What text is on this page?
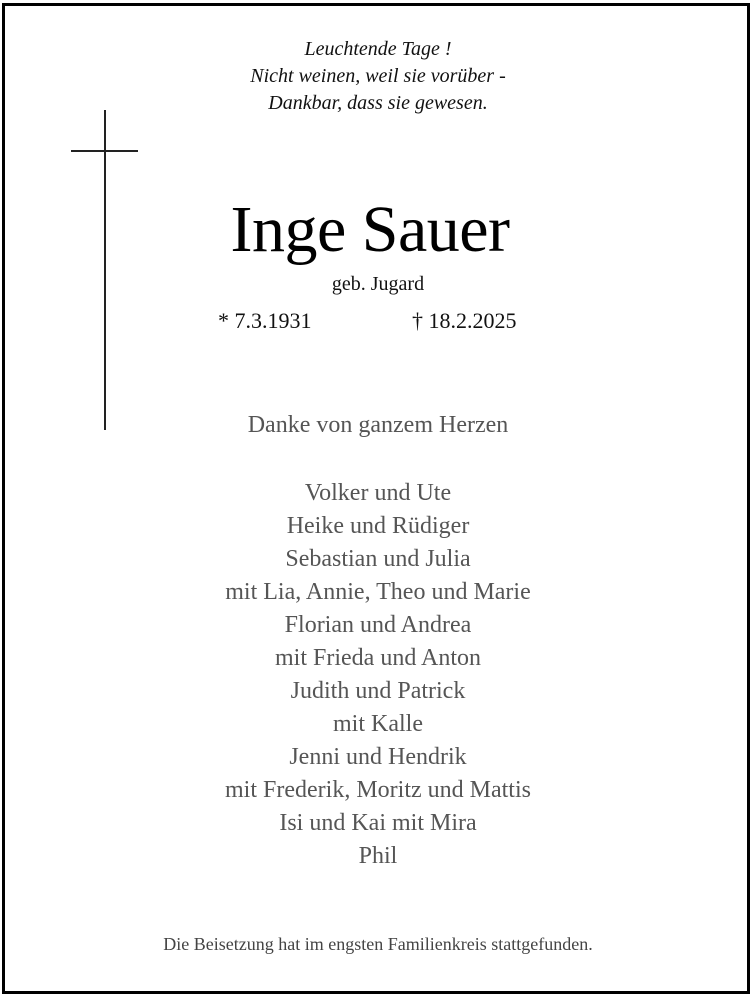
Leuchtende Tage !
Nicht weinen, weil sie vorüber -
Dankbar, dass sie gewesen.
Inge Sauer
geb. Jugard
* 7.3.1931	† 18.2.2025
Danke von ganzem Herzen
Volker und Ute
Heike und Rüdiger
Sebastian und Julia
mit Lia, Annie, Theo und Marie
Florian und Andrea
mit Frieda und Anton
Judith und Patrick
mit Kalle
Jenni und Hendrik
mit Frederik, Moritz und Mattis
Isi und Kai mit Mira
Phil
Die Beisetzung hat im engsten Familienkreis stattgefunden.
